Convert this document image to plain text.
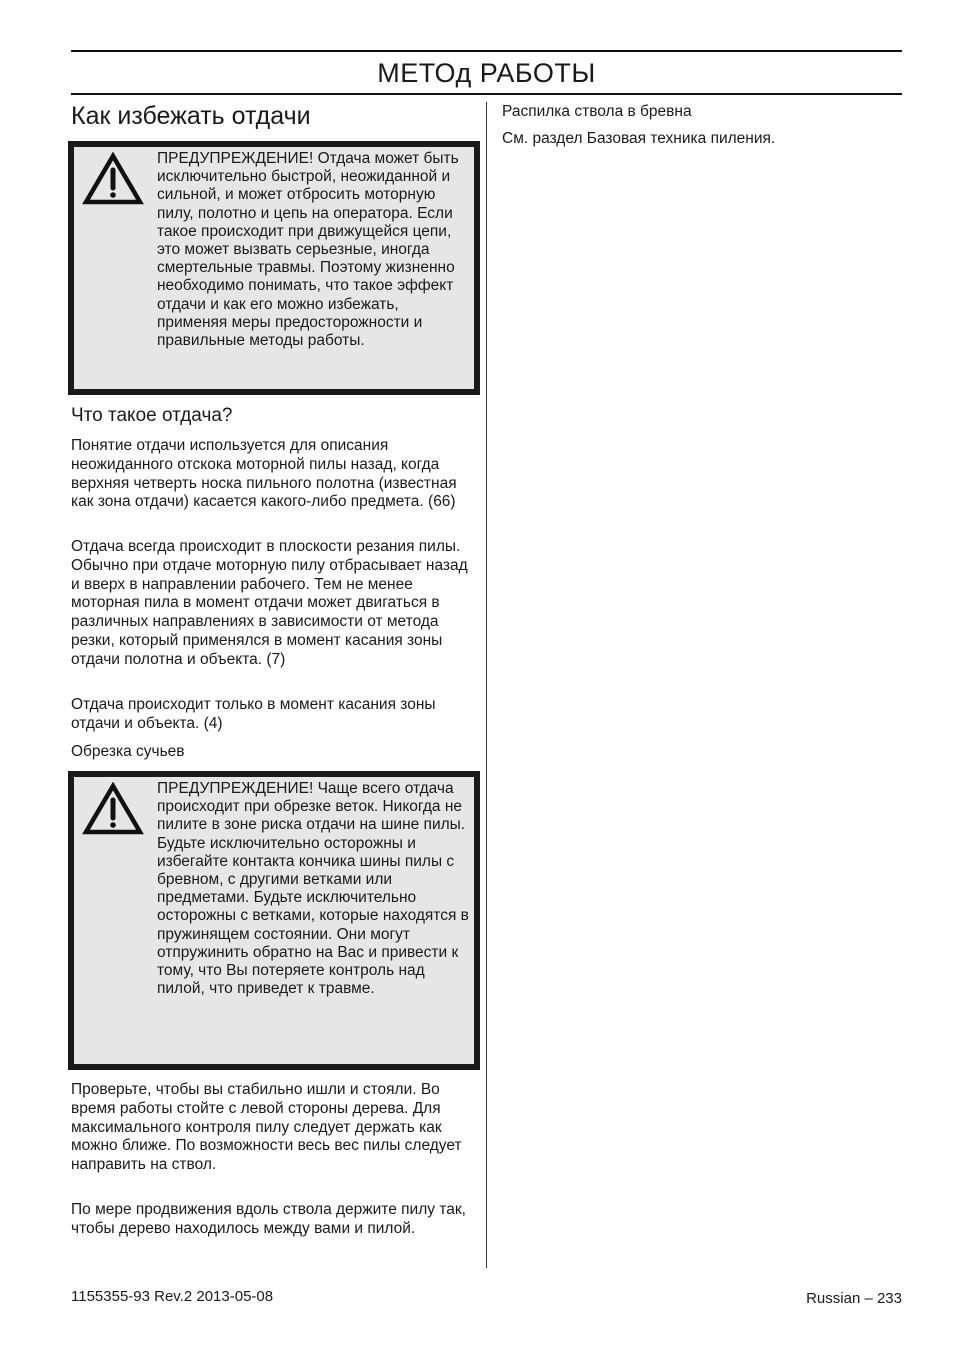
МЕТОд РАБОТЫ
Как избежать отдачи
ПРЕДУПРЕЖДЕНИЕ! Отдача может быть исключительно быстрой, неожиданной и сильной, и может отбросить моторную пилу, полотно и цепь на оператора. Если такое происходит при движущейся цепи, это может вызвать серьезные, иногда смертельные травмы. Поэтому жизненно необходимо понимать, что такое эффект отдачи и как его можно избежать, применяя меры предосторожности и правильные методы работы.
Что такое отдача?
Понятие отдачи используется для описания неожиданного отскока моторной пилы назад, когда верхняя четверть носка пильного полотна (известная как зона отдачи) касается какого-либо предмета. (66)
Отдача всегда происходит в плоскости резания пилы. Обычно при отдаче моторную пилу отбрасывает назад и вверх в направлении рабочего. Тем не менее моторная пила в момент отдачи может двигаться в различных направлениях в зависимости от метода резки, который применялся в момент касания зоны отдачи полотна и объекта. (7)
Отдача происходит только в момент касания зоны отдачи и объекта. (4)
Обрезка сучьев
ПРЕДУПРЕЖДЕНИЕ! Чаще всего отдача происходит при обрезке веток. Никогда не пилите в зоне риска отдачи на шине пилы. Будьте исключительно осторожны и избегайте контакта кончика шины пилы с бревном, с другими ветками или предметами. Будьте исключительно осторожны с ветками, которые находятся в пружинящем состоянии. Они могут отпружинить обратно на Вас и привести к тому, что Вы потеряете контроль над пилой, что приведет к травме.
Проверьте, чтобы вы стабильно ишли и стояли. Во время работы стойте с левой стороны дерева. Для максимального контроля пилу следует держать как можно ближе. По возможности весь вес пилы следует направить на ствол.
По мере продвижения вдоль ствола держите пилу так, чтобы дерево находилось между вами и пилой.
Распилка ствола в бревна
См. раздел Базовая техника пиления.
1155355-93 Rev.2 2013-05-08	Russian – 233
